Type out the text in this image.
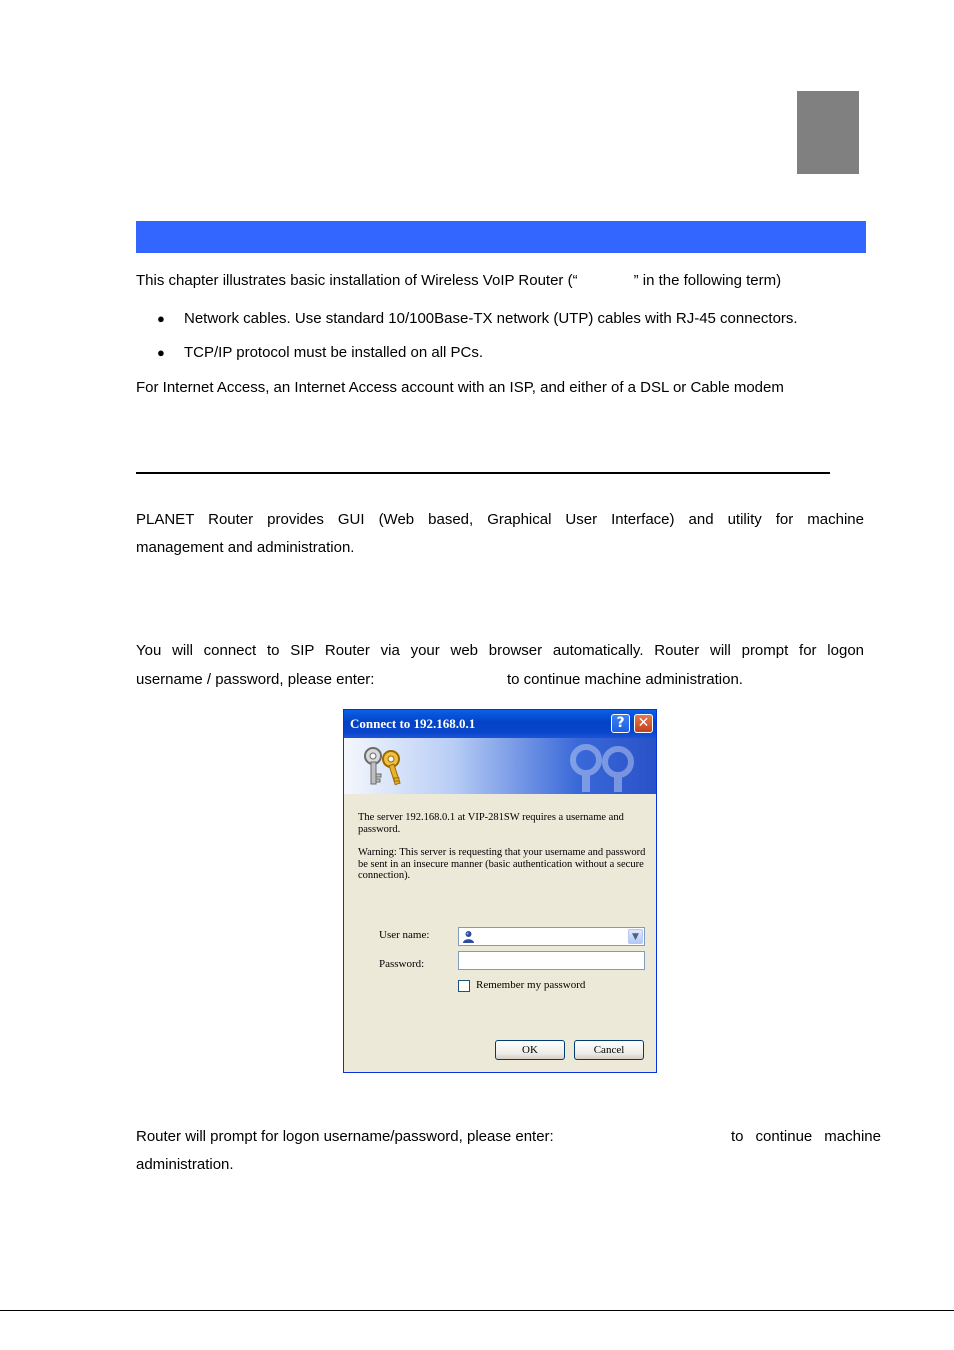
This chapter illustrates basic installation of Wireless VoIP Router (“	” in the following term)
● Network cables. Use standard 10/100Base-TX network (UTP) cables with RJ-45 connectors.
● TCP/IP protocol must be installed on all PCs.
For Internet Access, an Internet Access account with an ISP, and either of a DSL or Cable modem
PLANET Router provides GUI (Web based, Graphical User Interface) and utility for machine
management and administration.
You will connect to SIP Router via your web browser automatically. Router will prompt for logon
username / password, please enter:	to continue machine administration.
Connect to 192.168.0.1	? ✕
The server 192.168.0.1 at VIP-281SW requires a username and password.
Warning: This server is requesting that your username and password be sent in an insecure manner (basic authentication without a secure connection).
User name:	▼
Password:
Remember my password
OK	Cancel
Router will prompt for logon username/password, please enter:	to continue machine
administration.
